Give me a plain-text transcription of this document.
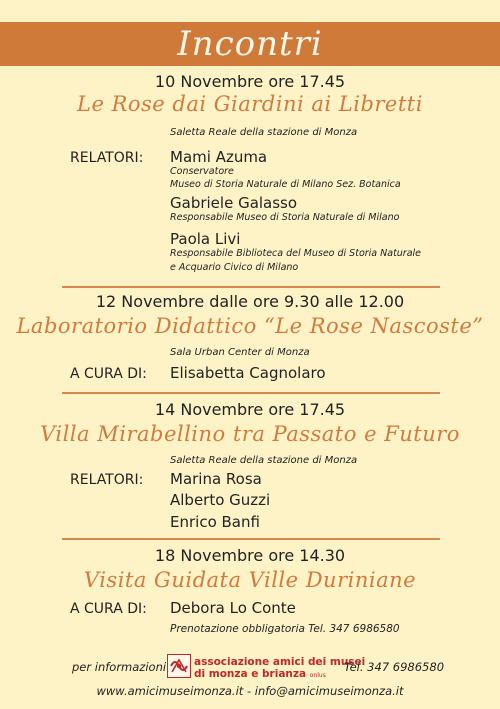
Incontri
10 Novembre ore 17.45
Le Rose dai Giardini ai Libretti
Saletta Reale della stazione di Monza
RELATORI: Mami Azuma
Conservatore
Museo di Storia Naturale di Milano Sez. Botanica
Gabriele Galasso
Responsabile Museo di Storia Naturale di Milano
Paola Livi
Responsabile Biblioteca del Museo di Storia Naturale
e Acquario Civico di Milano
12 Novembre dalle ore 9.30 alle 12.00
Laboratorio Didattico “Le Rose Nascoste”
Sala Urban Center di Monza
A CURA DI: Elisabetta Cagnolaro
14 Novembre ore 17.45
Villa Mirabellino tra Passato e Futuro
Saletta Reale della stazione di Monza
RELATORI: Marina Rosa
Alberto Guzzi
Enrico Banfi
18 Novembre ore 14.30
Visita Guidata Ville Duriniane
A CURA DI: Debora Lo Conte
Prenotazione obbligatoria Tel. 347 6986580
per informazioni	associazione amici dei musei
di monza e brianza onlus
Tel. 347 6986580
www.amicimuseimonza.it - info@amicimuseimonza.it
